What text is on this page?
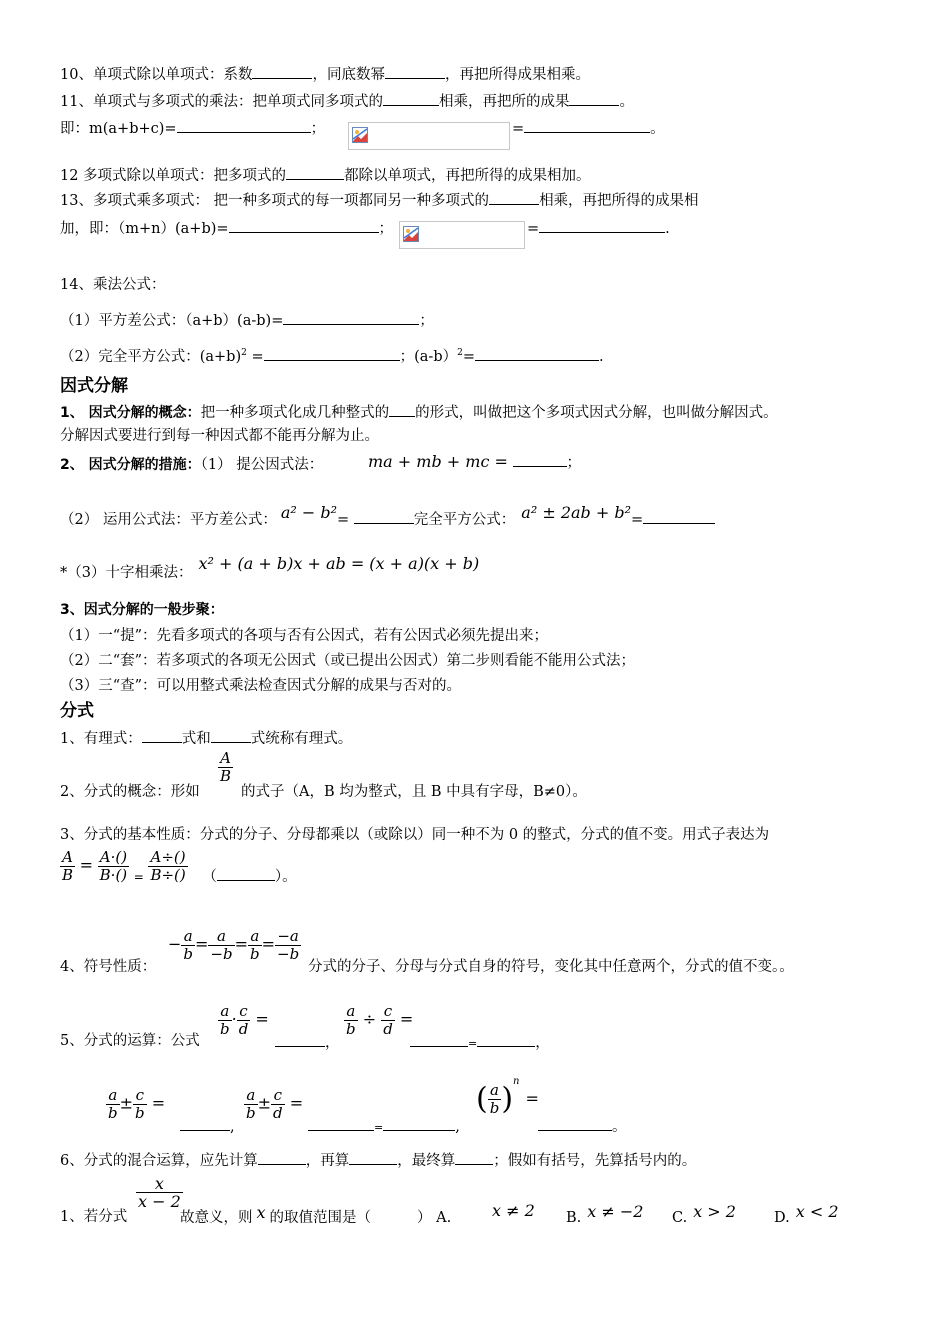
10、单项式除以单项式：系数	，同底数幂	，再把所得成果相乘。
11、单项式与多项式的乘法：把单项式同多项式的	相乘，再把所的成果	。
即：m(a+b+c)=	；	=	。
12 多项式除以单项式：把多项式的	都除以单项式，再把所得的成果相加。
13、多项式乘多项式： 把一种多项式的每一项都同另一种多项式的	相乘，再把所得的成果相
加，即：（m+n）(a+b)=	；	=	.
14、乘法公式：
（1）平方差公式：（a+b）(a-b)=	；
（2）完全平方公式：$(a+b)^2$ =	；(a-b）$^2$=	.
因式分解
1、 因式分解的概念：把一种多项式化成几种整式的 的形式，叫做把这个多项式因式分解，也叫做分解因式。
分解因式要进行到每一种因式都不能再分解为止。
2、 因式分解的措施：（1） 提公因式法：	ma + mb + mc =	；
（2） 运用公式法：平方差公式： a² − b²=	完全平方公式： a² ± 2ab + b²=
*（3）十字相乘法： x² + (a + b)x + ab = (x + a)(x + b)
3、因式分解的一般步聚：
（1）一“提”：先看多项式的各项与否有公因式，若有公因式必须先提出来；
（2）二“套”：若多项式的各项无公因式（或已提出公因式）第二步则看能不能用公式法；
（3）三“查”：可以用整式乘法检查因式分解的成果与否对的。
分式
1、有理式：	式和	式统称有理式。
2、分式的概念：形如
$\frac{A}{B}$
的式子（A，B 均为整式，且 B 中具有字母，B≠0）。
3、分式的基本性质：分式的分子、分母都乘以（或除以）同一种不为 0 的整式，分式的值不变。用式子表达为
$\frac{A}{B} = \frac{A\cdot()}{B\cdot()} _= \frac{A\div()}{B\div()}$ （	）。
4、符号性质：
− $\frac{a}{b} = \frac{a}{-b} = \frac{a}{b} = \frac{-a}{-b}$
分式的分子、分母与分式自身的符号，变化其中任意两个，分式的值不变。。
5、分式的运算：公式
$\frac{a}{b} \cdot \frac{c}{d}$ =
，
$\frac{a}{b} \div \frac{c}{d}$ =
=	，
$\frac{a}{b} \pm \frac{c}{b}$ =
,
$\frac{a}{b} \pm \frac{c}{d}$ =
=	,
( $\frac{a}{b} )^n=$
。
6、分式的混合运算，应先计算	，再算	，最终算	；假如有括号，先算括号内的。
1、若分式
$\frac{x}{x - 2}$
故意义，则 x 的取值范围是（	） A.	x ≠ 2 B. x ≠ −2 C. x > 2	D. x < 2
